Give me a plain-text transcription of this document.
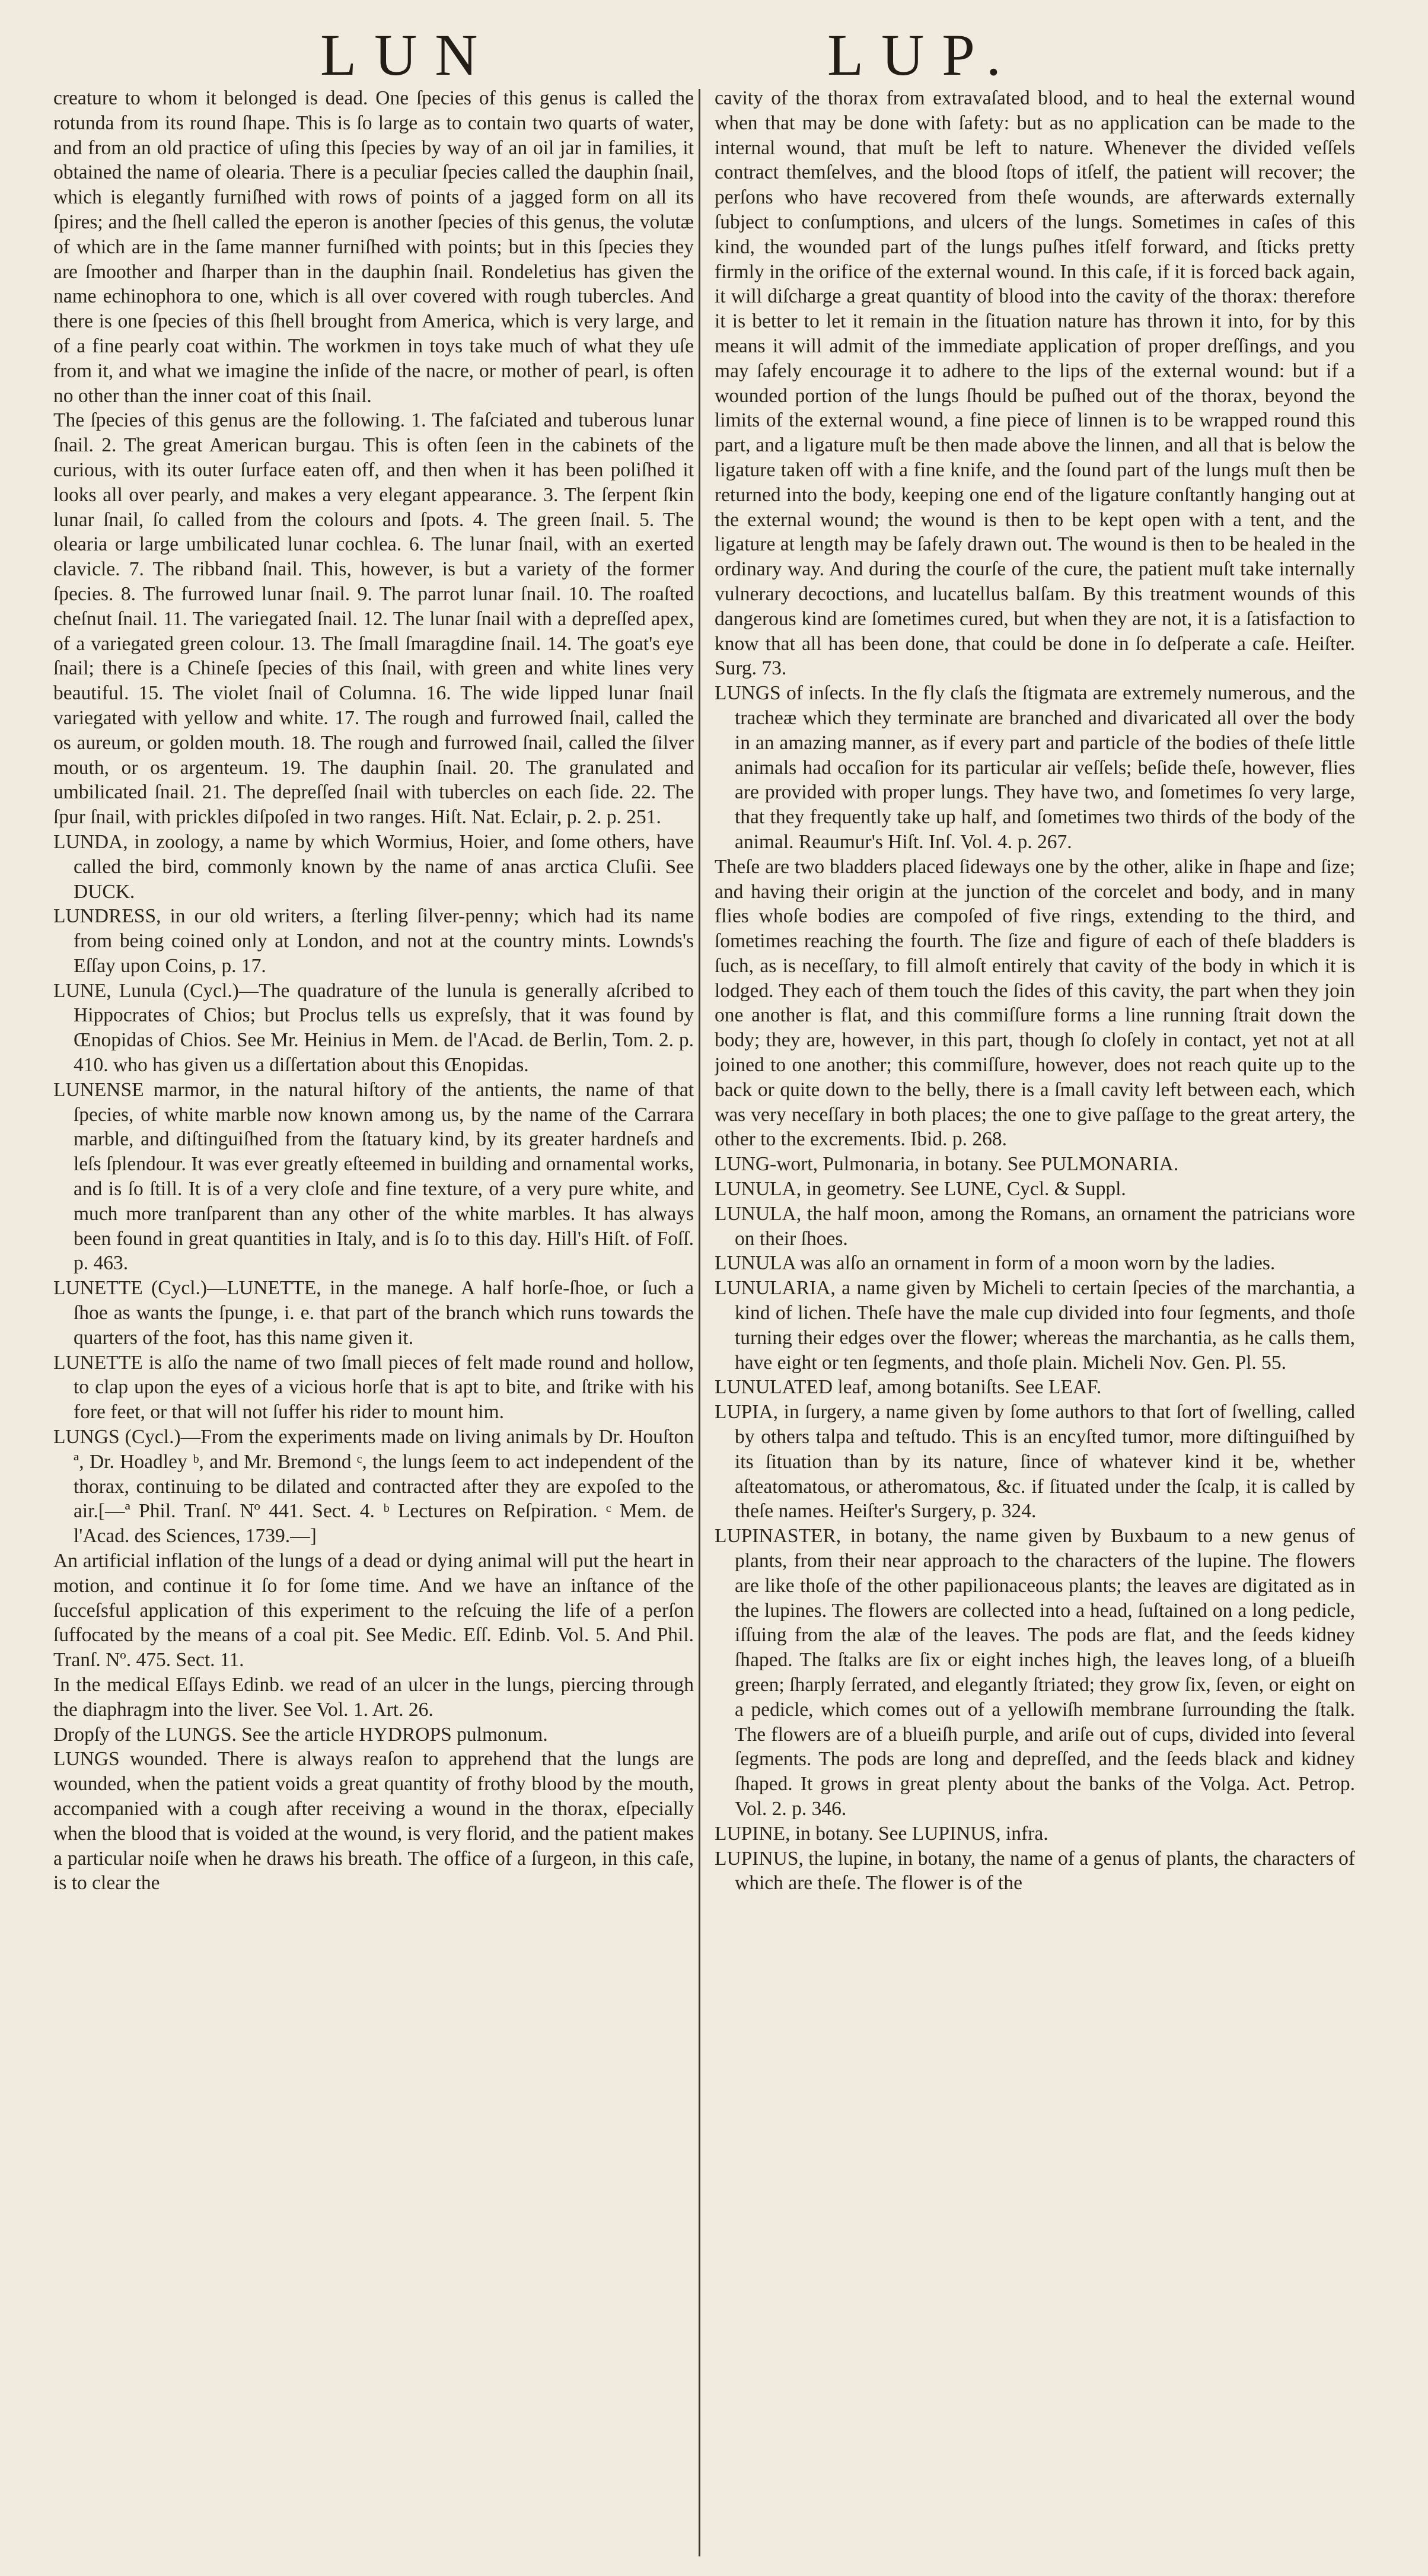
LUN	LUP.

creature to whom it belonged is dead. One ſpecies of this genus is called the rotunda from its round ſhape. This is ſo large as to contain two quarts of water, and from an old practice of uſing this ſpecies by way of an oil jar in families, it obtained the name of olearia. There is a peculiar ſpecies called the dauphin ſnail, which is elegantly furniſhed with rows of points of a jagged form on all its ſpires; and the ſhell called the eperon is another ſpecies of this genus, the volutæ of which are in the ſame manner furniſhed with points; but in this ſpecies they are ſmoother and ſharper than in the dauphin ſnail. Rondeletius has given the name echinophora to one, which is all over covered with rough tubercles. And there is one ſpecies of this ſhell brought from America, which is very large, and of a fine pearly coat within. The workmen in toys take much of what they uſe from it, and what we imagine the inſide of the nacre, or mother of pearl, is often no other than the inner coat of this ſnail.

The ſpecies of this genus are the following. 1. The faſciated and tuberous lunar ſnail. 2. The great American burgau. This is often ſeen in the cabinets of the curious, with its outer ſurface eaten off, and then when it has been poliſhed it looks all over pearly, and makes a very elegant appearance. 3. The ſerpent ſkin lunar ſnail, ſo called from the colours and ſpots. 4. The green ſnail. 5. The olearia or large umbilicated lunar cochlea. 6. The lunar ſnail, with an exerted clavicle. 7. The ribband ſnail. This, however, is but a variety of the former ſpecies. 8. The furrowed lunar ſnail. 9. The parrot lunar ſnail. 10. The roaſted cheſnut ſnail. 11. The variegated ſnail. 12. The lunar ſnail with a depreſſed apex, of a variegated green colour. 13. The ſmall ſmaragdine ſnail. 14. The goat's eye ſnail; there is a Chineſe ſpecies of this ſnail, with green and white lines very beautiful. 15. The violet ſnail of Columna. 16. The wide lipped lunar ſnail variegated with yellow and white. 17. The rough and furrowed ſnail, called the os aureum, or golden mouth. 18. The rough and furrowed ſnail, called the ſilver mouth, or os argenteum. 19. The dauphin ſnail. 20. The granulated and umbilicated ſnail. 21. The depreſſed ſnail with tubercles on each ſide. 22. The ſpur ſnail, with prickles diſpoſed in two ranges. Hiſt. Nat. Eclair, p. 2. p. 251.

LUNDA, in zoology, a name by which Wormius, Hoier, and ſome others, have called the bird, commonly known by the name of anas arctica Cluſii. See DUCK.

LUNDRESS, in our old writers, a ſterling ſilver-penny; which had its name from being coined only at London, and not at the country mints. Lownds's Eſſay upon Coins, p. 17.

LUNE, Lunula (Cycl.)—The quadrature of the lunula is generally aſcribed to Hippocrates of Chios; but Proclus tells us expreſsly, that it was found by Œnopidas of Chios. See Mr. Heinius in Mem. de l'Acad. de Berlin, Tom. 2. p. 410. who has given us a diſſertation about this Œnopidas.

LUNENSE marmor, in the natural hiſtory of the antients, the name of that ſpecies, of white marble now known among us, by the name of the Carrara marble, and diſtinguiſhed from the ſtatuary kind, by its greater hardneſs and leſs ſplendour. It was ever greatly eſteemed in building and ornamental works, and is ſo ſtill. It is of a very cloſe and fine texture, of a very pure white, and much more tranſparent than any other of the white marbles. It has always been found in great quantities in Italy, and is ſo to this day. Hill's Hiſt. of Foſſ. p. 463.

LUNETTE (Cycl.)—LUNETTE, in the manege. A half horſe-ſhoe, or ſuch a ſhoe as wants the ſpunge, i. e. that part of the branch which runs towards the quarters of the foot, has this name given it.

LUNETTE is alſo the name of two ſmall pieces of felt made round and hollow, to clap upon the eyes of a vicious horſe that is apt to bite, and ſtrike with his fore feet, or that will not ſuffer his rider to mount him.

LUNGS (Cycl.)—From the experiments made on living animals by Dr. Houſton ª, Dr. Hoadley ᵇ, and Mr. Bremond ᶜ, the lungs ſeem to act independent of the thorax, continuing to be dilated and contracted after they are expoſed to the air.[—ª Phil. Tranſ. Nº 441. Sect. 4. ᵇ Lectures on Reſpiration. ᶜ Mem. de l'Acad. des Sciences, 1739.—]

An artificial inflation of the lungs of a dead or dying animal will put the heart in motion, and continue it ſo for ſome time. And we have an inſtance of the ſucceſsful application of this experiment to the reſcuing the life of a perſon ſuffocated by the means of a coal pit. See Medic. Eſſ. Edinb. Vol. 5. And Phil. Tranſ. Nº. 475. Sect. 11.

In the medical Eſſays Edinb. we read of an ulcer in the lungs, piercing through the diaphragm into the liver. See Vol. 1. Art. 26.

Dropſy of the LUNGS. See the article HYDROPS pulmonum.

LUNGS wounded. There is always reaſon to apprehend that the lungs are wounded, when the patient voids a great quantity of frothy blood by the mouth, accompanied with a cough after receiving a wound in the thorax, eſpecially when the blood that is voided at the wound, is very florid, and the patient makes a particular noiſe when he draws his breath. The office of a ſurgeon, in this caſe, is to clear the

cavity of the thorax from extravaſated blood, and to heal the external wound when that may be done with ſafety: but as no application can be made to the internal wound, that muſt be left to nature. Whenever the divided veſſels contract themſelves, and the blood ſtops of itſelf, the patient will recover; the perſons who have recovered from theſe wounds, are afterwards externally ſubject to conſumptions, and ulcers of the lungs. Sometimes in caſes of this kind, the wounded part of the lungs puſhes itſelf forward, and ſticks pretty firmly in the orifice of the external wound. In this caſe, if it is forced back again, it will diſcharge a great quantity of blood into the cavity of the thorax: therefore it is better to let it remain in the ſituation nature has thrown it into, for by this means it will admit of the immediate application of proper dreſſings, and you may ſafely encourage it to adhere to the lips of the external wound: but if a wounded portion of the lungs ſhould be puſhed out of the thorax, beyond the limits of the external wound, a fine piece of linnen is to be wrapped round this part, and a ligature muſt be then made above the linnen, and all that is below the ligature taken off with a fine knife, and the ſound part of the lungs muſt then be returned into the body, keeping one end of the ligature conſtantly hanging out at the external wound; the wound is then to be kept open with a tent, and the ligature at length may be ſafely drawn out. The wound is then to be healed in the ordinary way. And during the courſe of the cure, the patient muſt take internally vulnerary decoctions, and lucatellus balſam. By this treatment wounds of this dangerous kind are ſometimes cured, but when they are not, it is a ſatisfaction to know that all has been done, that could be done in ſo deſperate a caſe. Heiſter. Surg. 73.

LUNGS of inſects. In the fly claſs the ſtigmata are extremely numerous, and the tracheæ which they terminate are branched and divaricated all over the body in an amazing manner, as if every part and particle of the bodies of theſe little animals had occaſion for its particular air veſſels; beſide theſe, however, flies are provided with proper lungs. They have two, and ſometimes ſo very large, that they frequently take up half, and ſometimes two thirds of the body of the animal. Reaumur's Hiſt. Inſ. Vol. 4. p. 267.

Theſe are two bladders placed ſideways one by the other, alike in ſhape and ſize; and having their origin at the junction of the corcelet and body, and in many flies whoſe bodies are compoſed of five rings, extending to the third, and ſometimes reaching the fourth. The ſize and figure of each of theſe bladders is ſuch, as is neceſſary, to fill almoſt entirely that cavity of the body in which it is lodged. They each of them touch the ſides of this cavity, the part when they join one another is flat, and this commiſſure forms a line running ſtrait down the body; they are, however, in this part, though ſo cloſely in contact, yet not at all joined to one another; this commiſſure, however, does not reach quite up to the back or quite down to the belly, there is a ſmall cavity left between each, which was very neceſſary in both places; the one to give paſſage to the great artery, the other to the excrements. Ibid. p. 268.

LUNG-wort, Pulmonaria, in botany. See PULMONARIA.

LUNULA, in geometry. See LUNE, Cycl. & Suppl.

LUNULA, the half moon, among the Romans, an ornament the patricians wore on their ſhoes.

LUNULA was alſo an ornament in form of a moon worn by the ladies.

LUNULARIA, a name given by Micheli to certain ſpecies of the marchantia, a kind of lichen. Theſe have the male cup divided into four ſegments, and thoſe turning their edges over the flower; whereas the marchantia, as he calls them, have eight or ten ſegments, and thoſe plain. Micheli Nov. Gen. Pl. 55.

LUNULATED leaf, among botaniſts. See LEAF.

LUPIA, in ſurgery, a name given by ſome authors to that ſort of ſwelling, called by others talpa and teſtudo. This is an encyſted tumor, more diſtinguiſhed by its ſituation than by its nature, ſince of whatever kind it be, whether aſteatomatous, or atheromatous, &c. if ſituated under the ſcalp, it is called by theſe names. Heiſter's Surgery, p. 324.

LUPINASTER, in botany, the name given by Buxbaum to a new genus of plants, from their near approach to the characters of the lupine. The flowers are like thoſe of the other papilionaceous plants; the leaves are digitated as in the lupines. The flowers are collected into a head, ſuſtained on a long pedicle, iſſuing from the alæ of the leaves. The pods are flat, and the ſeeds kidney ſhaped. The ſtalks are ſix or eight inches high, the leaves long, of a blueiſh green; ſharply ſerrated, and elegantly ſtriated; they grow ſix, ſeven, or eight on a pedicle, which comes out of a yellowiſh membrane ſurrounding the ſtalk. The flowers are of a blueiſh purple, and ariſe out of cups, divided into ſeveral ſegments. The pods are long and depreſſed, and the ſeeds black and kidney ſhaped. It grows in great plenty about the banks of the Volga. Act. Petrop. Vol. 2. p. 346.

LUPINE, in botany. See LUPINUS, infra.

LUPINUS, the lupine, in botany, the name of a genus of plants, the characters of which are theſe. The flower is of the
